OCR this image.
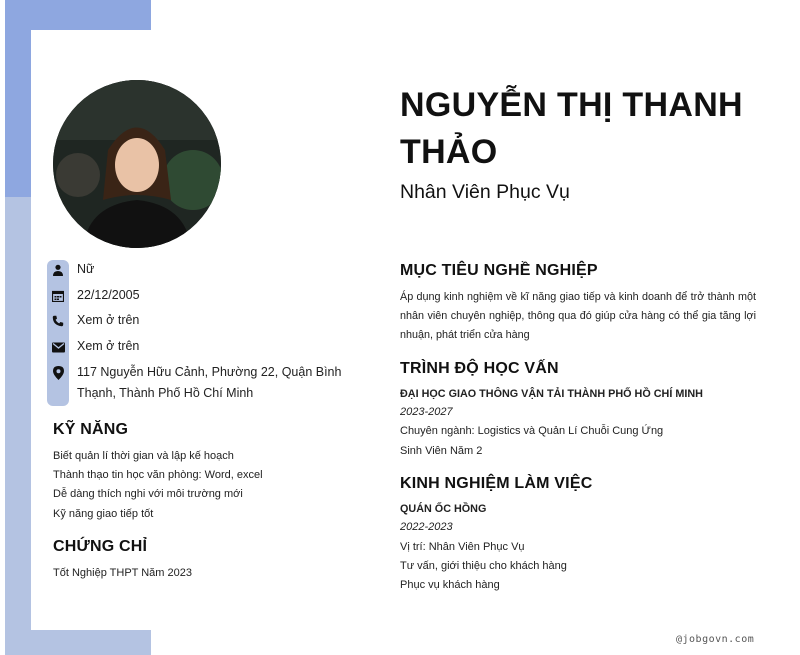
Nữ
22/12/2005
Xem ở trên
Xem ở trên
117 Nguyễn Hữu Cảnh, Phường 22, Quận Bình Thạnh, Thành Phố Hồ Chí Minh
KỸ NĂNG
Biết quản lí thời gian và lập kế hoạch
Thành thạo tin học văn phòng: Word, excel
Dễ dàng thích nghi với môi trường mới
Kỹ năng giao tiếp tốt
CHỨNG CHỈ
Tốt Nghiệp THPT Năm 2023
NGUYỄN THỊ THANH THẢO
Nhân Viên Phục Vụ
MỤC TIÊU NGHỀ NGHIỆP
Áp dụng kinh nghiệm về kĩ năng giao tiếp và kinh doanh để trở thành một nhân viên chuyên nghiệp, thông qua đó giúp cửa hàng có thể gia tăng lợi nhuận, phát triển cửa hàng
TRÌNH ĐỘ HỌC VẤN
ĐẠI HỌC GIAO THÔNG VẬN TẢI THÀNH PHỐ HỒ CHÍ MINH
2023-2027
Chuyên ngành: Logistics và Quản Lí Chuỗi Cung Ứng
Sinh Viên Năm 2
KINH NGHIỆM LÀM VIỆC
QUÁN ỐC HỒNG
2022-2023
Vị trí: Nhân Viên Phục Vụ
Tư vấn, giới thiệu cho khách hàng
Phục vụ khách hàng
@jobgovn.com
